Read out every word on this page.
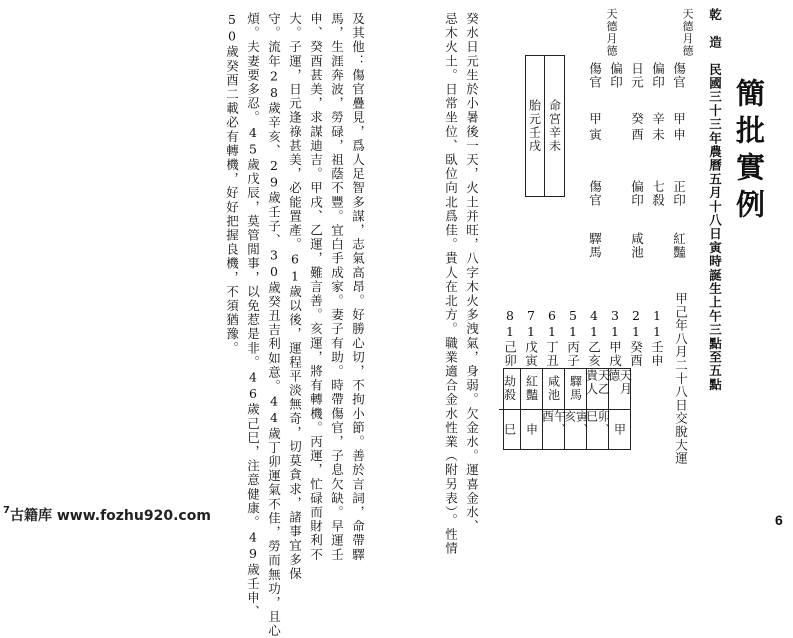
簡批實例
乾　造　民國三十三年農曆五月十八日寅時誕生上午三點至五點
天德月德
傷官
偏印
日元
偏印
傷官
甲
辛
癸
甲
申
未
酉
寅
正印
七殺
偏印
傷官
紅豔
咸池
驛馬
天德月德
甲己年八月二十八日交脫大運
11壬申
21癸酉
31甲戌
41乙亥
51丙子
61丁丑
71戊寅
81己卯
命宮辛未
胎元壬戌
天月德
甲
天乙貴人
卯、巳
驛馬
寅、亥
咸池
午、酉
紅豔
申
劫殺
巳
癸水日元生於小暑後一天，火土并旺，八字木火多洩氣，身弱。欠金水。運喜金水、
忌木火土。日常坐位、臥位向北爲佳。貴人在北方。職業適合金水性業（附另表）。性情
及其他：傷官疊見，爲人足智多謀，志氣高昂。好勝心切，不拘小節。善於言詞，命帶驛
馬，生涯奔波，勞碌，祖蔭不豐。宜白手成家。妻子有助。時帶傷官，子息欠缺。早運壬
申、癸酉甚美，求謀迪吉。甲戌、乙運，難言善。亥運，將有轉機。丙運，忙碌而財利不
大。子運，日元逢祿甚美，必能置產。61歲以後，運程平淡無奇，切莫貪求，諸事宜多保
守。流年28歲辛亥、29歲壬子、30歲癸丑吉利如意。44歲丁卯運氣不佳，勞而無功，且心
煩。夫妻要多忍。45歲戊辰，莫管閒事，以免惹是非。46歲己巳，注意健康。49歲壬申、
50歲癸酉二載必有轉機，好好把握良機，不須猶豫。
$^7$古籍库 www.fozhu920.com	6
